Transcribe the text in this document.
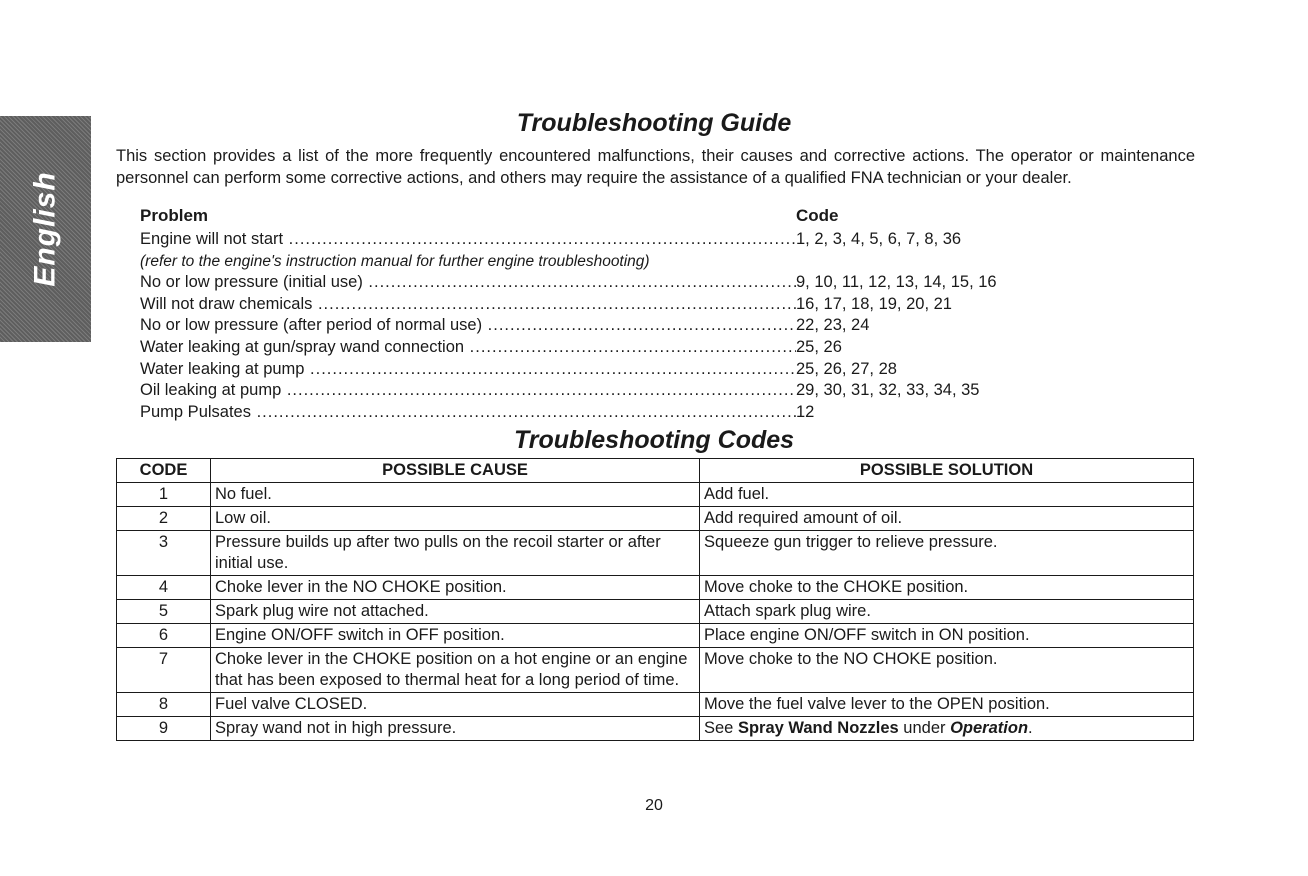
English
Troubleshooting Guide

This section provides a list of the more frequently encountered malfunctions, their causes and corrective actions. The operator or maintenance personnel can perform some corrective actions, and others may require the assistance of a qualified FNA technician or your dealer.

Problem	Code
Engine will not start .....	1, 2, 3, 4, 5, 6, 7, 8, 36
(refer to the engine's instruction manual for further engine troubleshooting)
No or low pressure (initial use) .....	9, 10, 11, 12, 13, 14, 15, 16
Will not draw chemicals .....	16, 17, 18, 19, 20, 21
No or low pressure (after period of normal use) .....	22, 23, 24
Water leaking at gun/spray wand connection .....	25, 26
Water leaking at pump .....	25, 26, 27, 28
Oil leaking at pump .....	29, 30, 31, 32, 33, 34, 35
Pump Pulsates .....	12
Troubleshooting Codes
CODE	POSSIBLE CAUSE	POSSIBLE SOLUTION
1	No fuel.	Add fuel.
2	Low oil.	Add required amount of oil.
3	Pressure builds up after two pulls on the recoil starter or after initial use.	Squeeze gun trigger to relieve pressure.
4	Choke lever in the NO CHOKE position.	Move choke to the CHOKE position.
5	Spark plug wire not attached.	Attach spark plug wire.
6	Engine ON/OFF switch in OFF position.	Place engine ON/OFF switch in ON position.
7	Choke lever in the CHOKE position on a hot engine or an engine that has been exposed to thermal heat for a long period of time.	Move choke to the NO CHOKE position.
8	Fuel valve CLOSED.	Move the fuel valve lever to the OPEN position.
9	Spray wand not in high pressure.	See Spray Wand Nozzles under Operation.
20
